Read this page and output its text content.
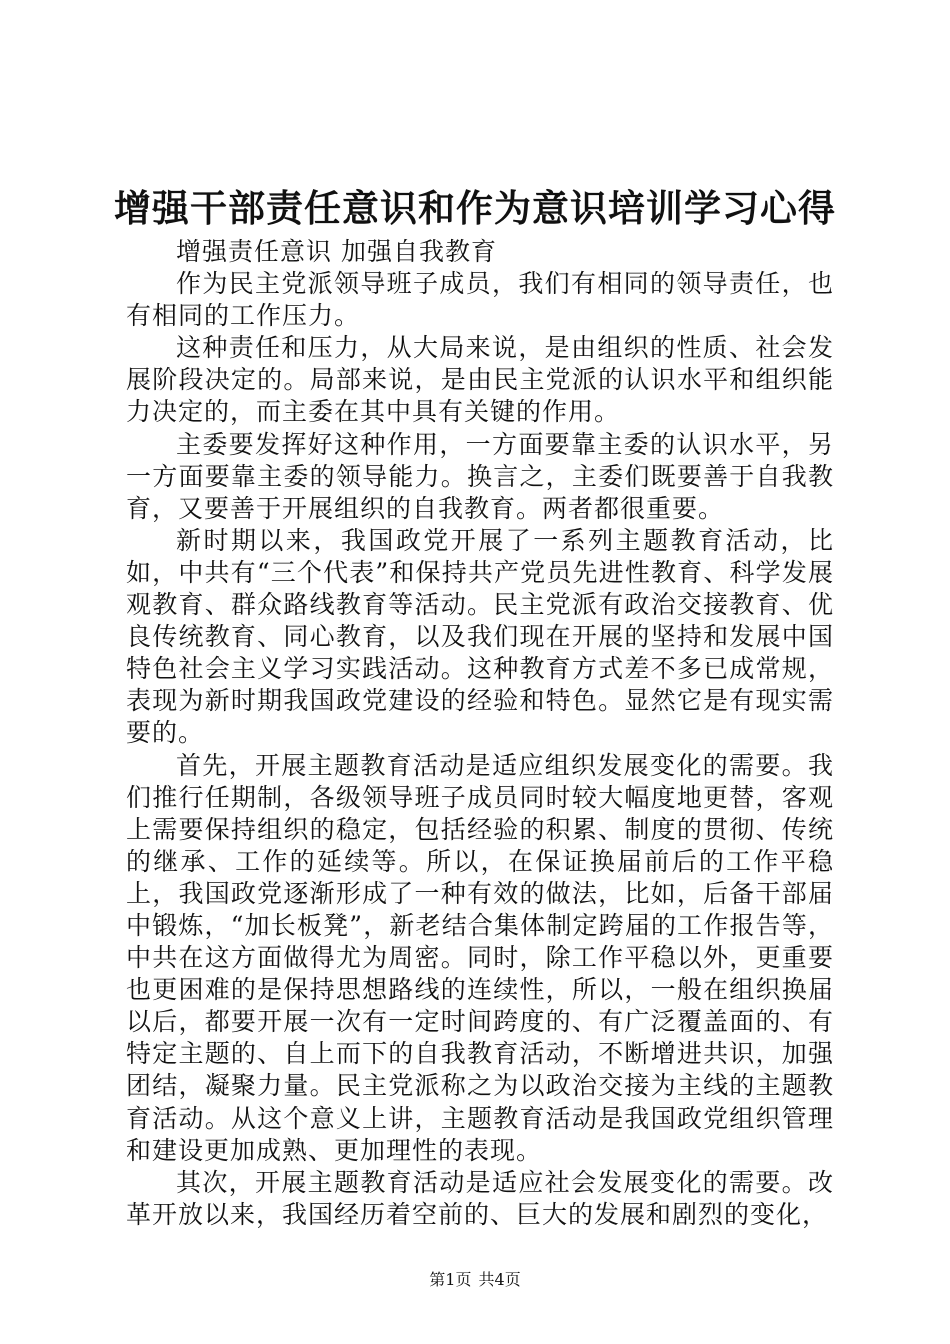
增强干部责任意识和作为意识培训学习心得

增强责任意识 加强自我教育

作为民主党派领导班子成员，我们有相同的领导责任，也有相同的工作压力。

这种责任和压力，从大局来说，是由组织的性质、社会发展阶段决定的。局部来说，是由民主党派的认识水平和组织能力决定的，而主委在其中具有关键的作用。

主委要发挥好这种作用，一方面要靠主委的认识水平，另一方面要靠主委的领导能力。换言之，主委们既要善于自我教育，又要善于开展组织的自我教育。两者都很重要。

新时期以来，我国政党开展了一系列主题教育活动，比如，中共有“三个代表”和保持共产党员先进性教育、科学发展观教育、群众路线教育等活动。民主党派有政治交接教育、优良传统教育、同心教育，以及我们现在开展的坚持和发展中国特色社会主义学习实践活动。这种教育方式差不多已成常规，表现为新时期我国政党建设的经验和特色。显然它是有现实需要的。

首先，开展主题教育活动是适应组织发展变化的需要。我们推行任期制，各级领导班子成员同时较大幅度地更替，客观上需要保持组织的稳定，包括经验的积累、制度的贯彻、传统的继承、工作的延续等。所以，在保证换届前后的工作平稳上，我国政党逐渐形成了一种有效的做法，比如，后备干部届中锻炼，“加长板凳”，新老结合集体制定跨届的工作报告等，中共在这方面做得尤为周密。同时，除工作平稳以外，更重要也更困难的是保持思想路线的连续性，所以，一般在组织换届以后，都要开展一次有一定时间跨度的、有广泛覆盖面的、有特定主题的、自上而下的自我教育活动，不断增进共识，加强团结，凝聚力量。民主党派称之为以政治交接为主线的主题教育活动。从这个意义上讲，主题教育活动是我国政党组织管理和建设更加成熟、更加理性的表现。

其次，开展主题教育活动是适应社会发展变化的需要。改革开放以来，我国经历着空前的、巨大的发展和剧烈的变化，

第1页 共4页
